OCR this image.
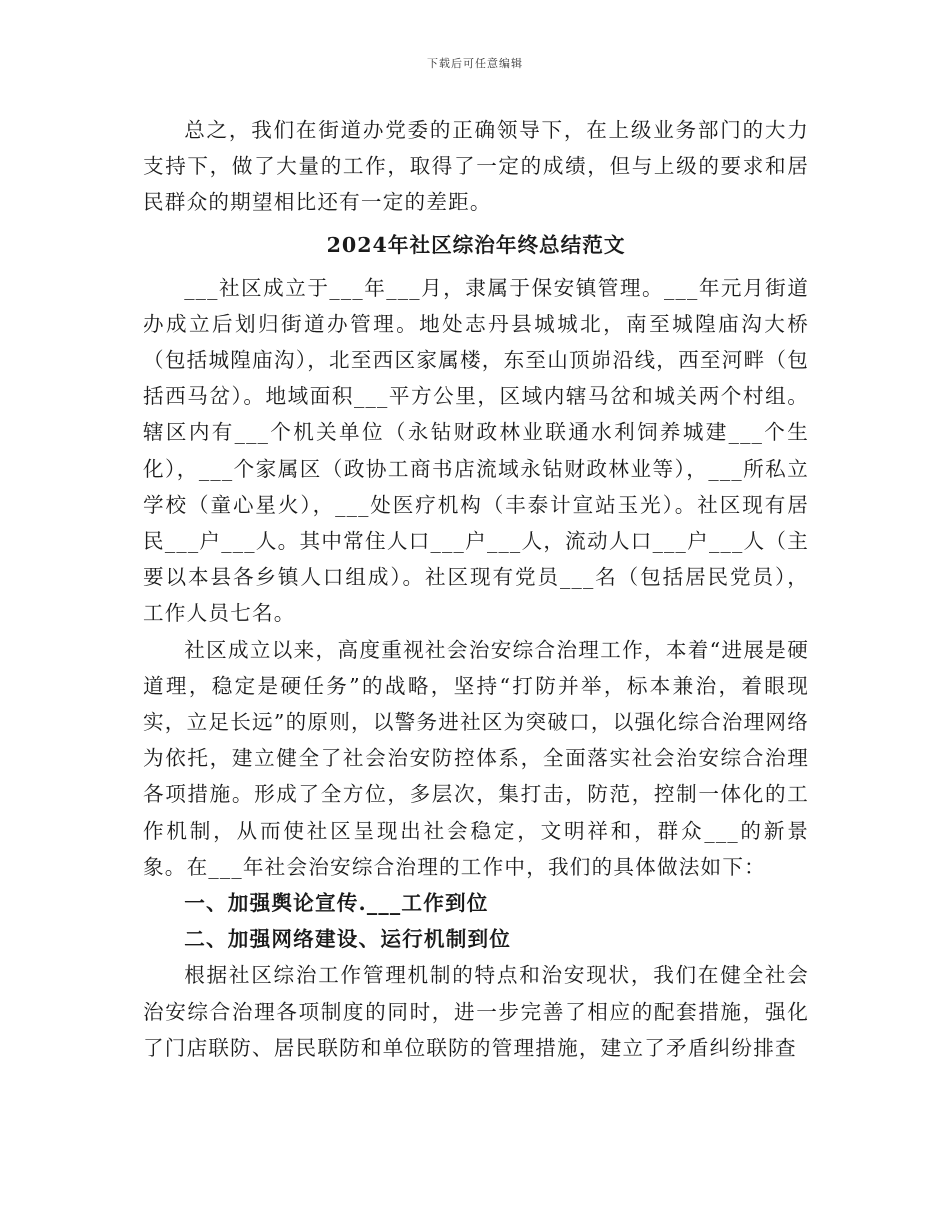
下载后可任意编辑

总之，我们在街道办党委的正确领导下，在上级业务部门的大力支持下，做了大量的工作，取得了一定的成绩，但与上级的要求和居民群众的期望相比还有一定的差距。

2024年社区综治年终总结范文

___社区成立于___年___月，隶属于保安镇管理。___年元月街道办成立后划归街道办管理。地处志丹县城城北，南至城隍庙沟大桥（包括城隍庙沟），北至西区家属楼，东至山顶峁沿线，西至河畔（包括西马岔）。地域面积___平方公里，区域内辖马岔和城关两个村组。辖区内有___个机关单位（永钻财政林业联通水利饲养城建___个生化），___个家属区（政协工商书店流域永钻财政林业等），___所私立学校（童心星火），___处医疗机构（丰泰计宣站玉光）。社区现有居民___户___人。其中常住人口___户___人，流动人口___户___人（主要以本县各乡镇人口组成）。社区现有党员___名（包括居民党员），工作人员七名。

社区成立以来，高度重视社会治安综合治理工作，本着“进展是硬道理，稳定是硬任务”的战略，坚持“打防并举，标本兼治，着眼现实，立足长远”的原则，以警务进社区为突破口，以强化综合治理网络为依托，建立健全了社会治安防控体系，全面落实社会治安综合治理各项措施。形成了全方位，多层次，集打击，防范，控制一体化的工作机制，从而使社区呈现出社会稳定，文明祥和，群众___的新景象。在___年社会治安综合治理的工作中，我们的具体做法如下：

一、加强舆论宣传.___工作到位

二、加强网络建设、运行机制到位

根据社区综治工作管理机制的特点和治安现状，我们在健全社会治安综合治理各项制度的同时，进一步完善了相应的配套措施，强化了门店联防、居民联防和单位联防的管理措施，建立了矛盾纠纷排查
